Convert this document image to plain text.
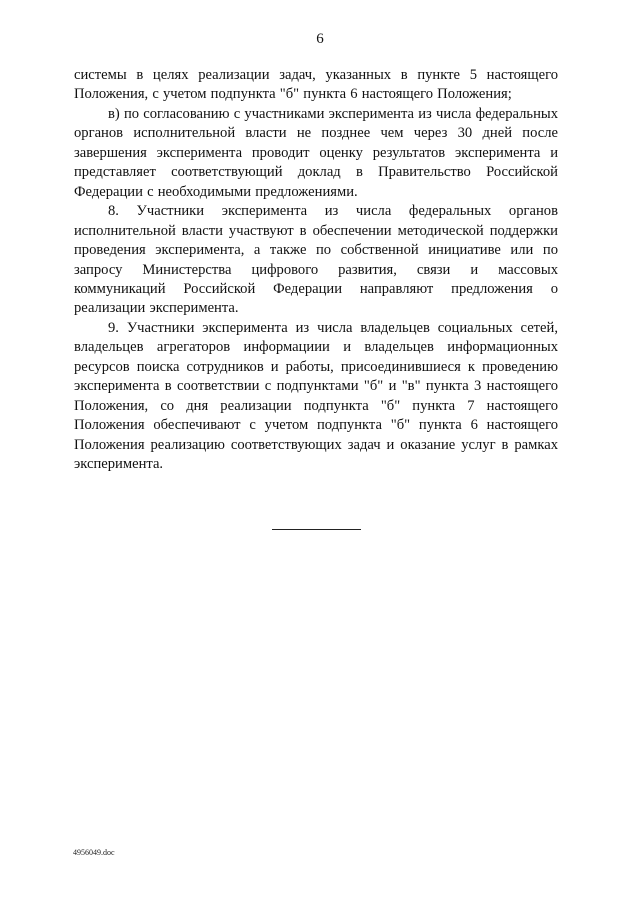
6

системы в целях реализации задач, указанных в пункте 5 настоящего Положения, с учетом подпункта "б" пункта 6 настоящего Положения;

в) по согласованию с участниками эксперимента из числа федеральных органов исполнительной власти не позднее чем через 30 дней после завершения эксперимента проводит оценку результатов эксперимента и представляет соответствующий доклад в Правительство Российской Федерации с необходимыми предложениями.

8. Участники эксперимента из числа федеральных органов исполнительной власти участвуют в обеспечении методической поддержки проведения эксперимента, а также по собственной инициативе или по запросу Министерства цифрового развития, связи и массовых коммуникаций Российской Федерации направляют предложения о реализации эксперимента.

9. Участники эксперимента из числа владельцев социальных сетей, владельцев агрегаторов информациии и владельцев информационных ресурсов поиска сотрудников и работы, присоединившиеся к проведению эксперимента в соответствии с подпунктами "б" и "в" пункта 3 настоящего Положения, со дня реализации подпункта "б" пункта 7 настоящего Положения обеспечивают с учетом подпункта "б" пункта 6 настоящего Положения реализацию соответствующих задач и оказание услуг в рамках эксперимента.

4956049.doc
